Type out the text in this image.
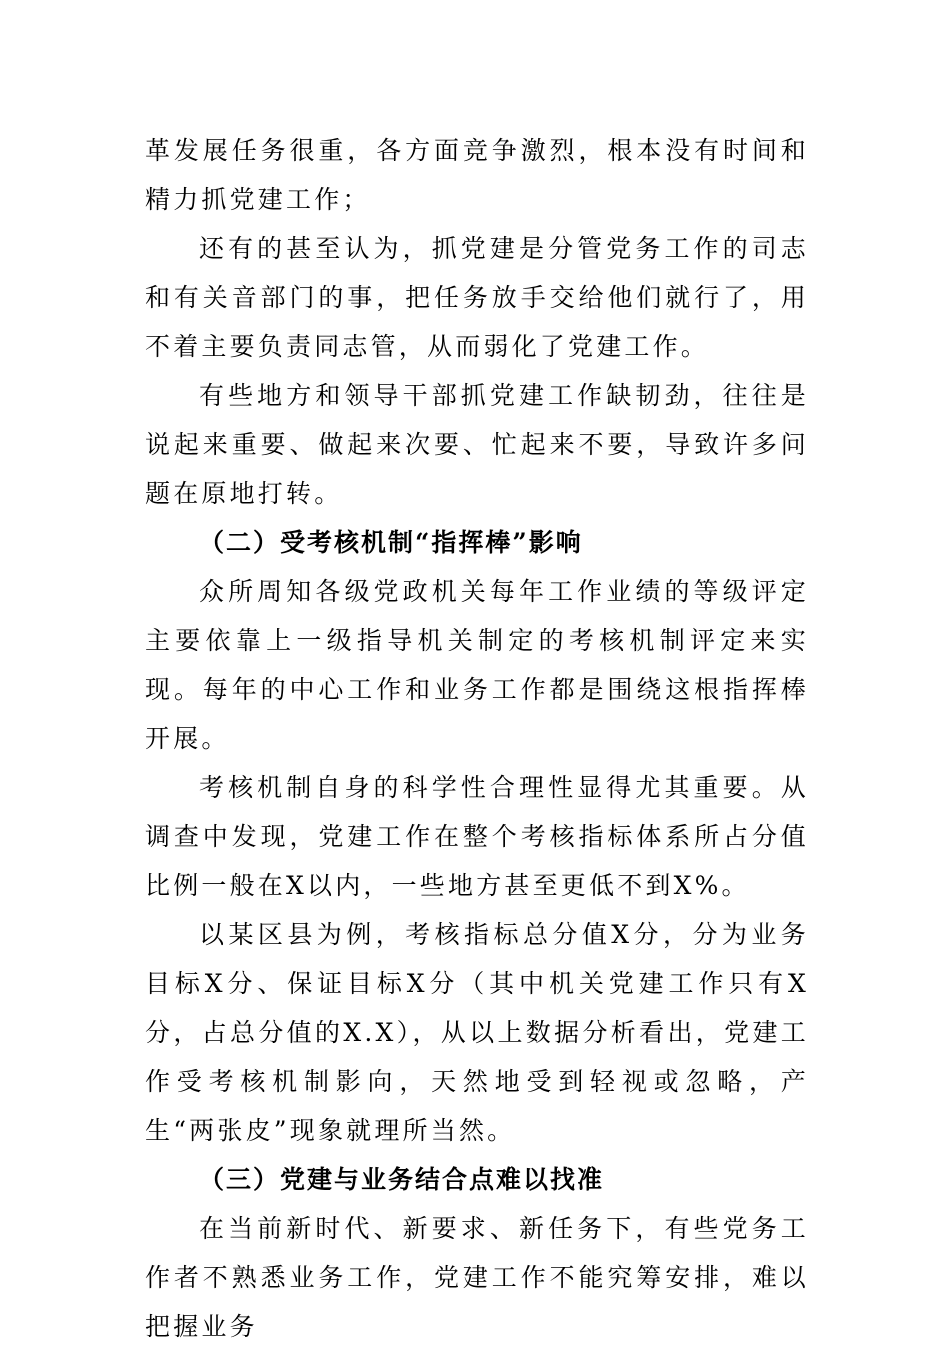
革发展任务很重，各方面竞争激烈，根本没有时间和精力抓党建工作；

还有的甚至认为，抓党建是分管党务工作的司志和有关音部门的事，把任务放手交给他们就行了，用不着主要负责同志管，从而弱化了党建工作。

有些地方和领导干部抓党建工作缺韧劲，往往是说起来重要、做起来次要、忙起来不要，导致许多问题在原地打转。

（二）受考核机制“指挥棒”影响

众所周知各级党政机关每年工作业绩的等级评定主要依靠上一级指导机关制定的考核机制评定来实现。每年的中心工作和业务工作都是围绕这根指挥棒开展。

考核机制自身的科学性合理性显得尤其重要。从调查中发现，党建工作在整个考核指标体系所占分值比例一般在X以内，一些地方甚至更低不到X%。

以某区县为例，考核指标总分值X分，分为业务目标X分、保证目标X分（其中机关党建工作只有X分，占总分值的X.X），从以上数据分析看出，党建工作受考核机制影向，天然地受到轻视或忽略，产生“两张皮”现象就理所当然。

（三）党建与业务结合点难以找准

在当前新时代、新要求、新任务下，有些党务工作者不熟悉业务工作，党建工作不能究筹安排，难以把握业务
